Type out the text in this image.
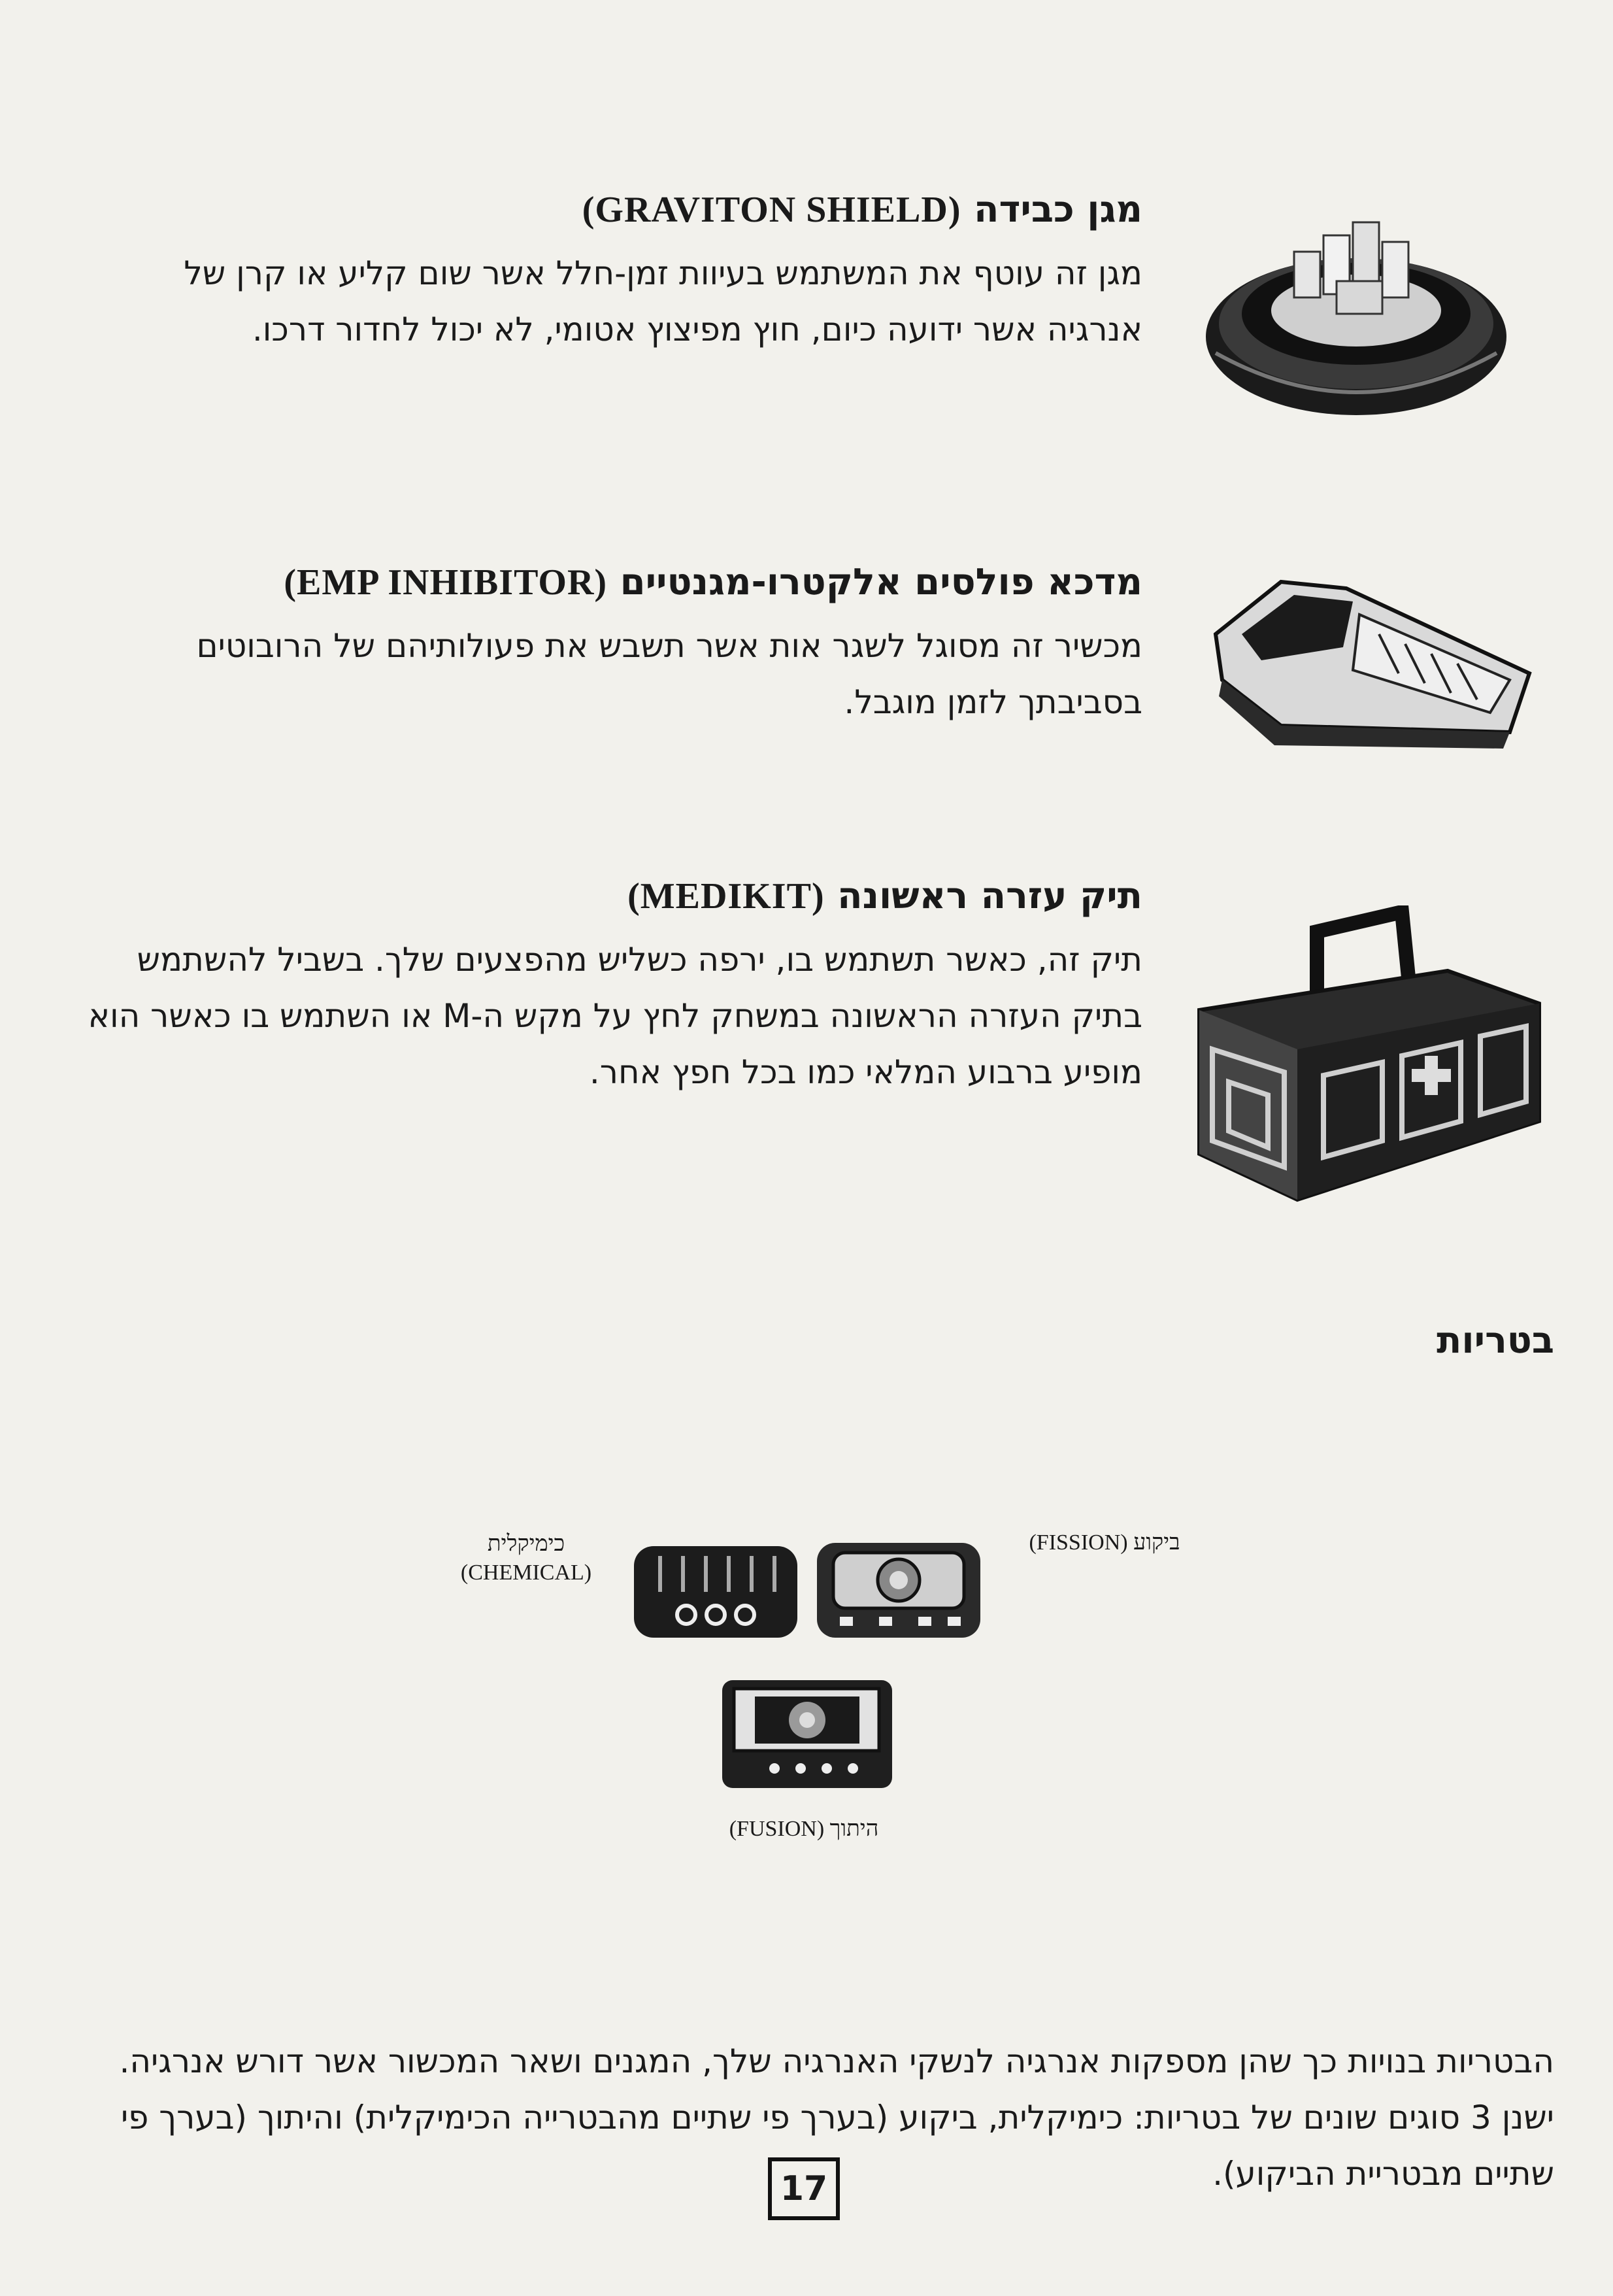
מגן כבידה (GRAVITON SHIELD)

מגן זה עוטף את המשתמש בעיוות זמן-חלל אשר שום קליע או קרן של אנרגיה אשר ידועה כיום, חוץ מפיצוץ אטומי, לא יכול לחדור דרכו.

מדכא פולסים אלקטרו-מגנטיים (EMP INHIBITOR)

מכשיר זה מסוגל לשגר אות אשר תשבש את פעולותיהם של הרובוטים בסביבתך לזמן מוגבל.

תיק עזרה ראשונה (MEDIKIT)

תיק זה, כאשר תשתמש בו, ירפה כשליש מהפצעים שלך. בשביל להשתמש בתיק העזרה הראשונה במשחק לחץ על מקש ה-M או השתמש בו כאשר הוא מופיע ברבוע המלאי כמו בכל חפץ אחר.

בטריות
כימיקלית
(CHEMICAL)
ביקוע (FISSION)
היתוך (FUSION)

הבטריות בנויות כך שהן מספקות אנרגיה לנשקי האנרגיה שלך, המגנים ושאר המכשור אשר דורש אנרגיה. ישנן 3 סוגים שונים של בטריות: כימיקלית, ביקוע (בערך פי שתיים מהבטרייה הכימיקלית) והיתוך (בערך פי שתיים מבטריית הביקוע).

17
